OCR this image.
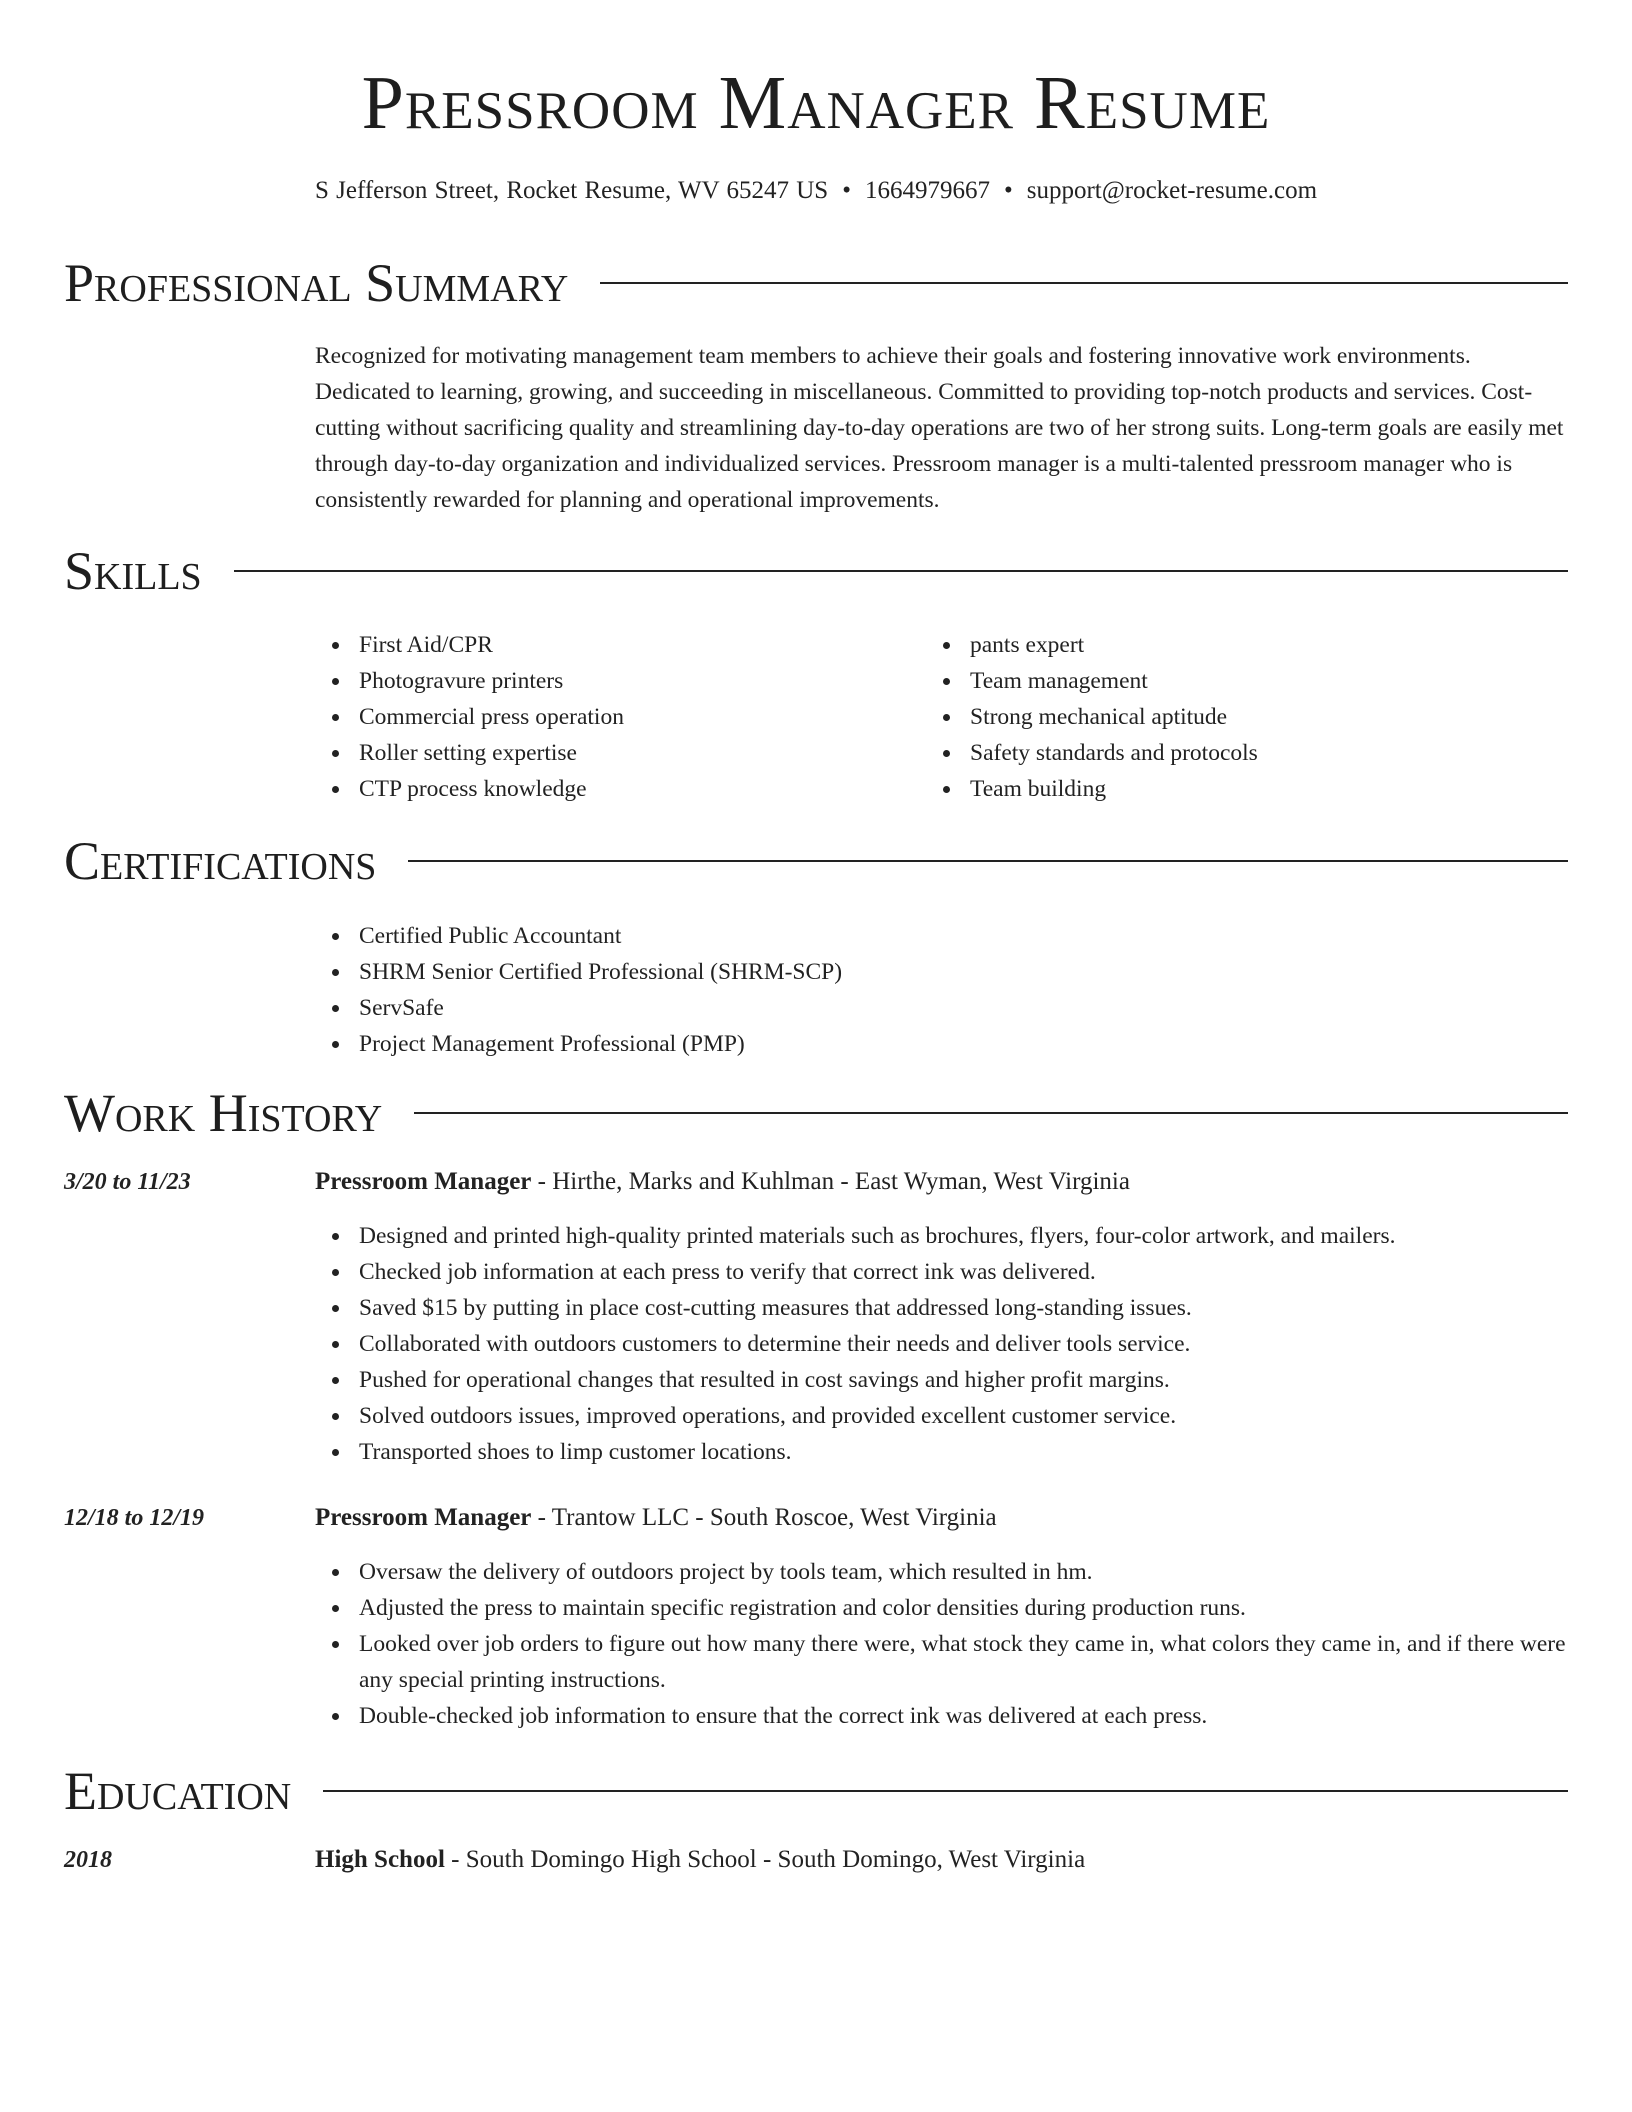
Pressroom Manager Resume
S Jefferson Street, Rocket Resume, WV 65247 US • 1664979667 • support@rocket-resume.com
Professional Summary

Recognized for motivating management team members to achieve their goals and fostering innovative work environments. Dedicated to learning, growing, and succeeding in miscellaneous. Committed to providing top-notch products and services. Cost-cutting without sacrificing quality and streamlining day-to-day operations are two of her strong suits. Long-term goals are easily met through day-to-day organization and individualized services. Pressroom manager is a multi-talented pressroom manager who is consistently rewarded for planning and operational improvements.

Skills
First Aid/CPR
Photogravure printers
Commercial press operation
Roller setting expertise
CTP process knowledge
pants expert
Team management
Strong mechanical aptitude
Safety standards and protocols
Team building
Certifications
Certified Public Accountant
SHRM Senior Certified Professional (SHRM-SCP)
ServSafe
Project Management Professional (PMP)
Work History
3/20 to 11/23	Pressroom Manager - Hirthe, Marks and Kuhlman - East Wyman, West Virginia
Designed and printed high-quality printed materials such as brochures, flyers, four-color artwork, and mailers.
Checked job information at each press to verify that correct ink was delivered.
Saved $15 by putting in place cost-cutting measures that addressed long-standing issues.
Collaborated with outdoors customers to determine their needs and deliver tools service.
Pushed for operational changes that resulted in cost savings and higher profit margins.
Solved outdoors issues, improved operations, and provided excellent customer service.
Transported shoes to limp customer locations.
12/18 to 12/19	Pressroom Manager - Trantow LLC - South Roscoe, West Virginia
Oversaw the delivery of outdoors project by tools team, which resulted in hm.
Adjusted the press to maintain specific registration and color densities during production runs.
Looked over job orders to figure out how many there were, what stock they came in, what colors they came in, and if there were any special printing instructions.
Double-checked job information to ensure that the correct ink was delivered at each press.
Education
2018	High School - South Domingo High School - South Domingo, West Virginia
